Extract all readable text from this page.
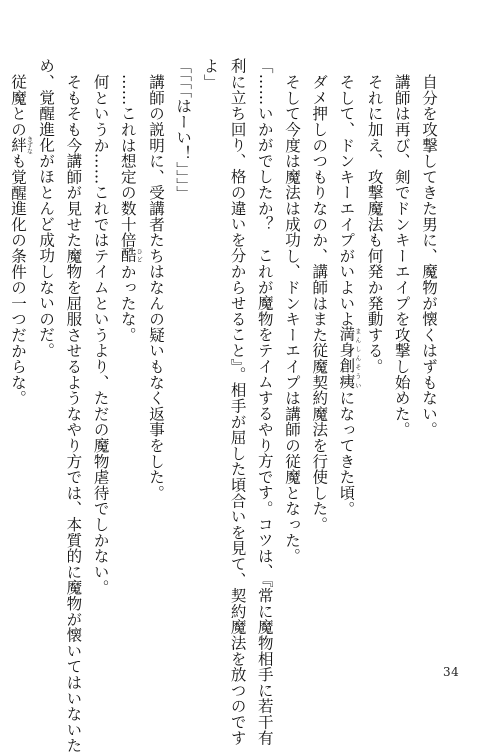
自分を攻撃してきた男に、魔物が懐くはずもない。
講師は再び、剣でドンキーエイプを攻撃し始めた。
それに加え、攻撃魔法も何発か発動する。
そして、ドンキーエイプがいよいよ満身創痍まんしんそういになってきた頃。
ダメ押しのつもりなのか、講師はまた従魔契約魔法を行使した。
そして今度は魔法は成功し、ドンキーエイプは講師の従魔となった。
「……いかがでしたか？　これが魔物をテイムするやり方です。コツは、『常に魔物相手に若干有
利に立ち回り、格の違いを分からせること』。相手が屈した頃合いを見て、契約魔法を放つのです
よ」
「「「「はーい！」」」」
講師の説明に、受講者たちはなんの疑いもなく返事をした。
……これは想定の数十倍酷ひどかったな。
何というか……これではテイムというより、ただの魔物虐待でしかない。
そもそも今講師が見せた魔物を屈服させるようなやり方では、本質的に魔物が懐いてはいないた
め、覚醒進化がほとんど成功しないのだ。
従魔との絆きずなも覚醒進化の条件の一つだからな。
34
